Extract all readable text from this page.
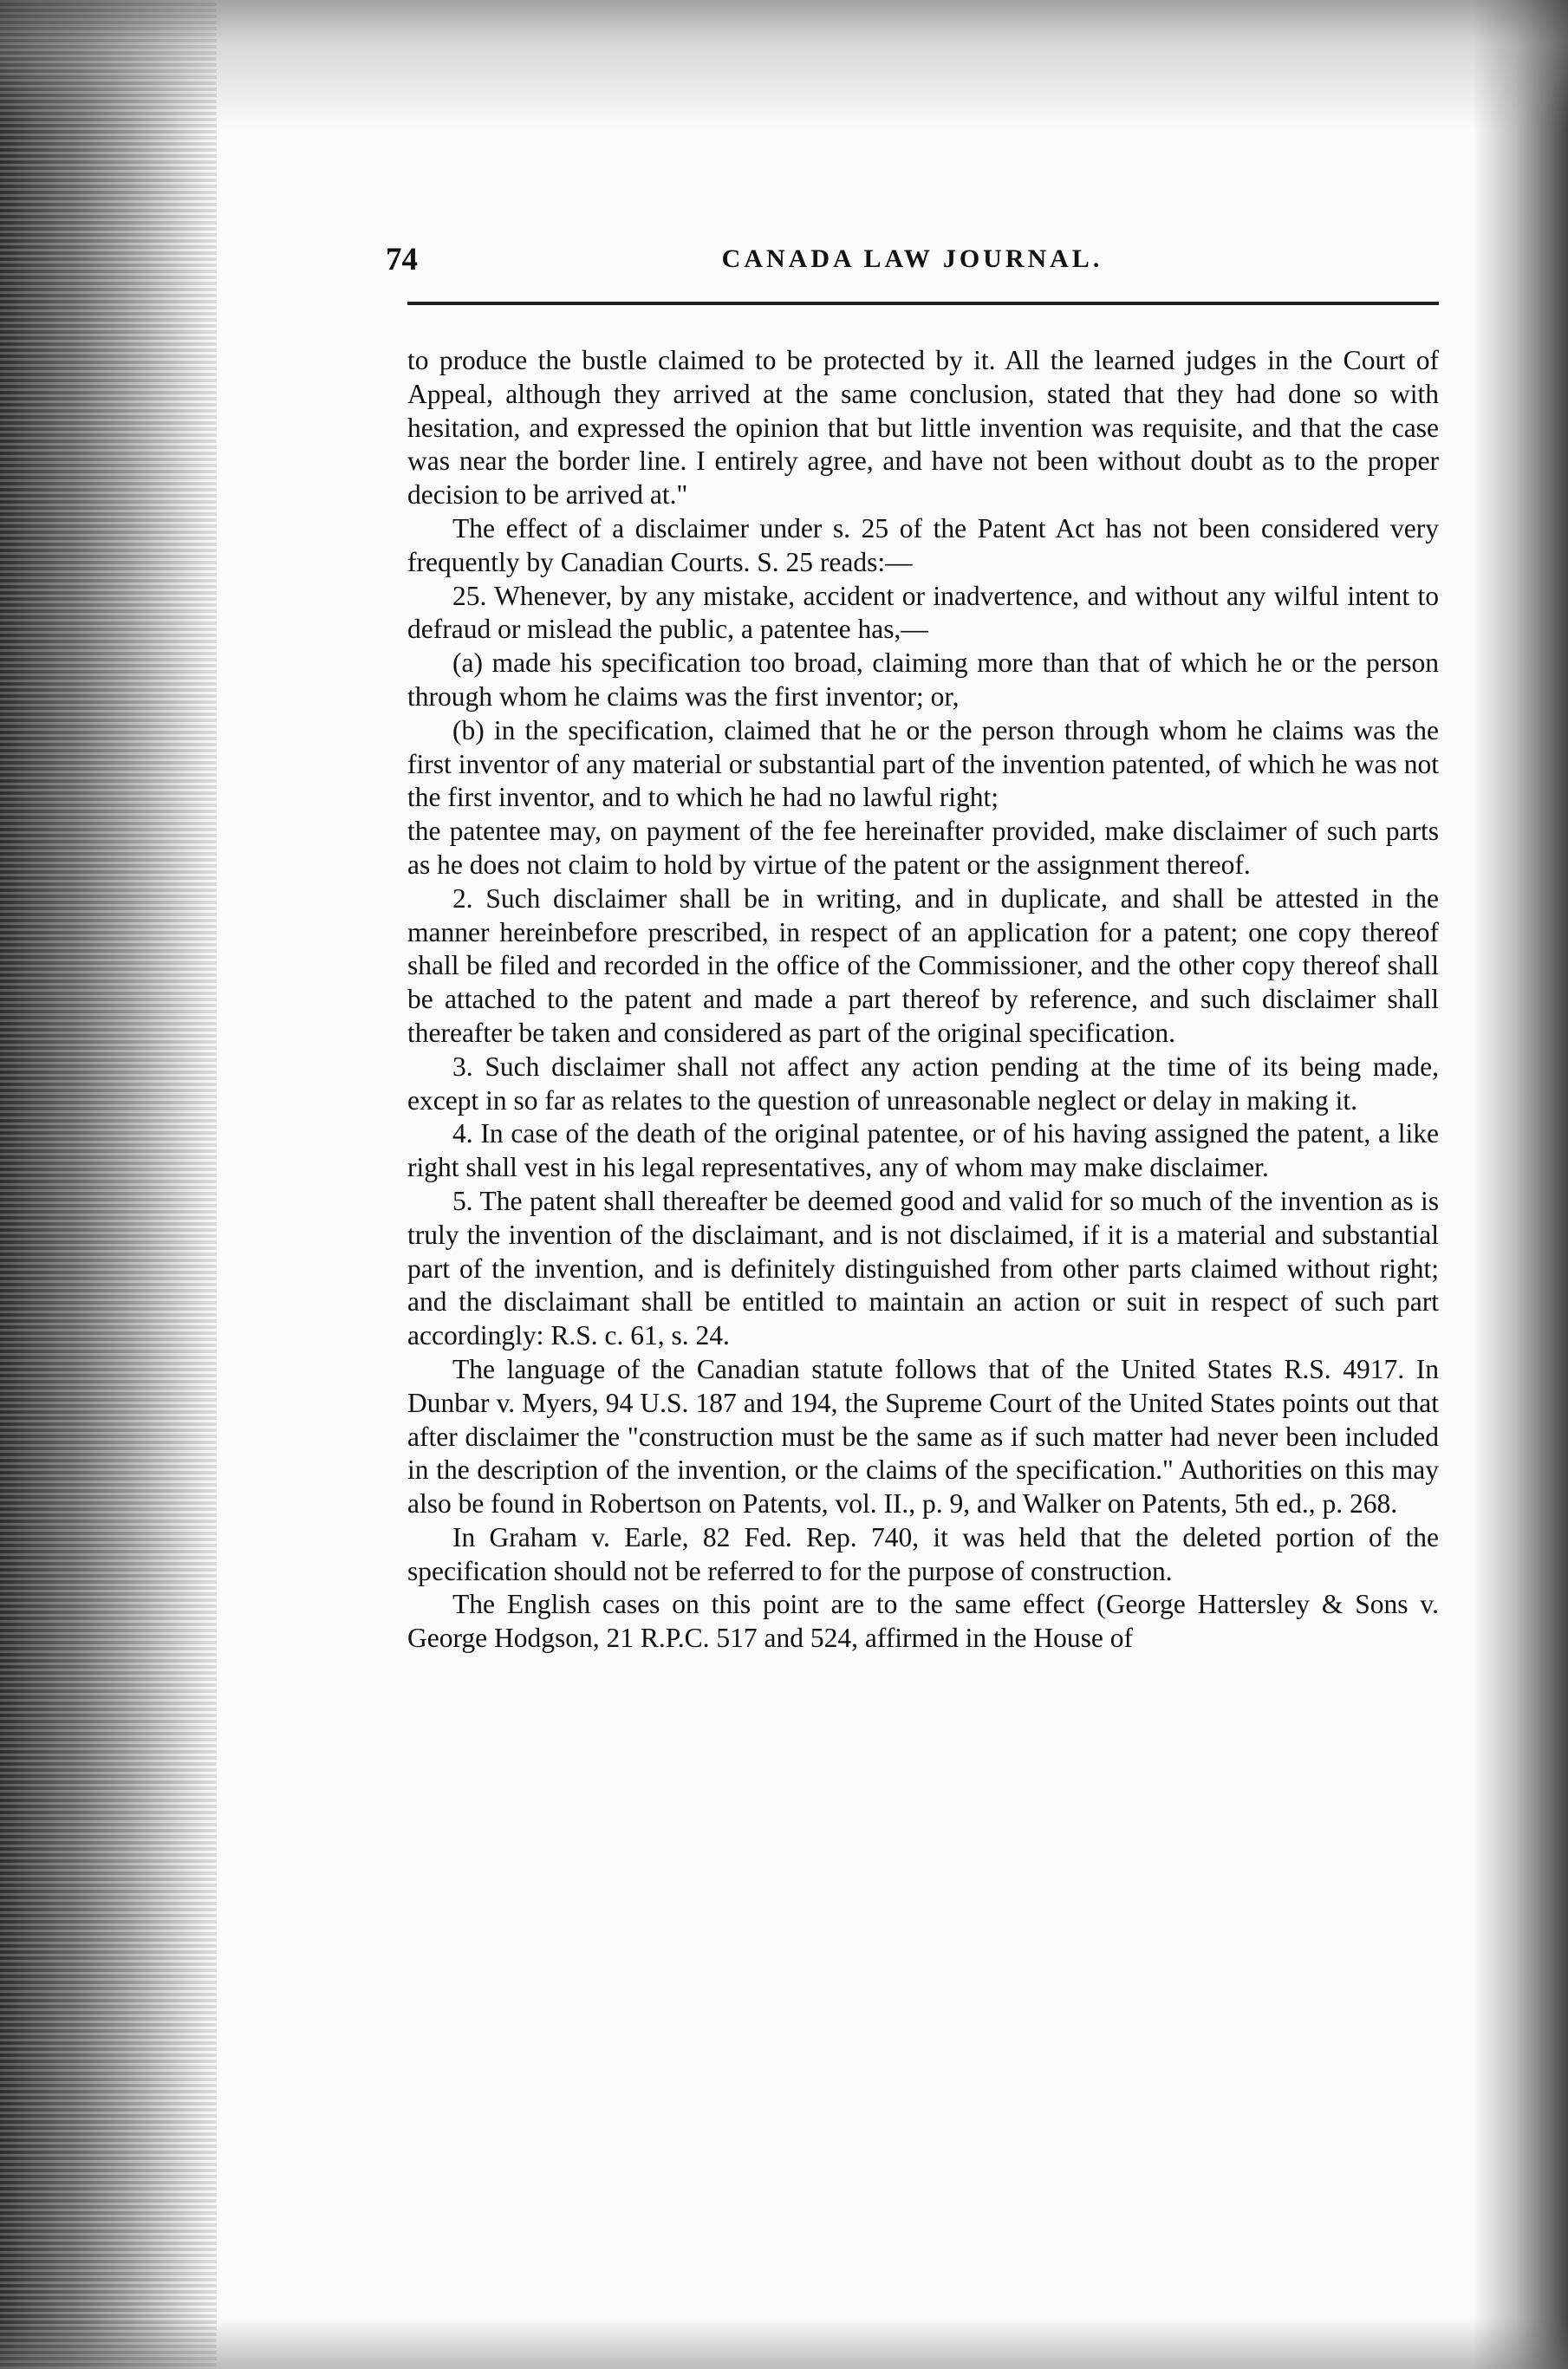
74	CANADA LAW JOURNAL.

to produce the bustle claimed to be protected by it. All the learned judges in the Court of Appeal, although they arrived at the same conclusion, stated that they had done so with hesitation, and expressed the opinion that but little invention was requisite, and that the case was near the border line. I entirely agree, and have not been without doubt as to the proper decision to be arrived at."

The effect of a disclaimer under s. 25 of the Patent Act has not been considered very frequently by Canadian Courts. S. 25 reads:—

25. Whenever, by any mistake, accident or inadvertence, and without any wilful intent to defraud or mislead the public, a patentee has,—

(a) made his specification too broad, claiming more than that of which he or the person through whom he claims was the first inventor; or,

(b) in the specification, claimed that he or the person through whom he claims was the first inventor of any material or substantial part of the invention patented, of which he was not the first inventor, and to which he had no lawful right;

the patentee may, on payment of the fee hereinafter provided, make disclaimer of such parts as he does not claim to hold by virtue of the patent or the assignment thereof.

2. Such disclaimer shall be in writing, and in duplicate, and shall be attested in the manner hereinbefore prescribed, in respect of an application for a patent; one copy thereof shall be filed and recorded in the office of the Commissioner, and the other copy thereof shall be attached to the patent and made a part thereof by reference, and such disclaimer shall thereafter be taken and considered as part of the original specification.

3. Such disclaimer shall not affect any action pending at the time of its being made, except in so far as relates to the question of unreasonable neglect or delay in making it.

4. In case of the death of the original patentee, or of his having assigned the patent, a like right shall vest in his legal representatives, any of whom may make disclaimer.

5. The patent shall thereafter be deemed good and valid for so much of the invention as is truly the invention of the disclaimant, and is not disclaimed, if it is a material and substantial part of the invention, and is definitely distinguished from other parts claimed without right; and the disclaimant shall be entitled to maintain an action or suit in respect of such part accordingly: R.S. c. 61, s. 24.

The language of the Canadian statute follows that of the United States R.S. 4917. In Dunbar v. Myers, 94 U.S. 187 and 194, the Supreme Court of the United States points out that after disclaimer the "construction must be the same as if such matter had never been included in the description of the invention, or the claims of the specification." Authorities on this may also be found in Robertson on Patents, vol. II., p. 9, and Walker on Patents, 5th ed., p. 268.

In Graham v. Earle, 82 Fed. Rep. 740, it was held that the deleted portion of the specification should not be referred to for the purpose of construction.

The English cases on this point are to the same effect (George Hattersley & Sons v. George Hodgson, 21 R.P.C. 517 and 524, affirmed in the House of
